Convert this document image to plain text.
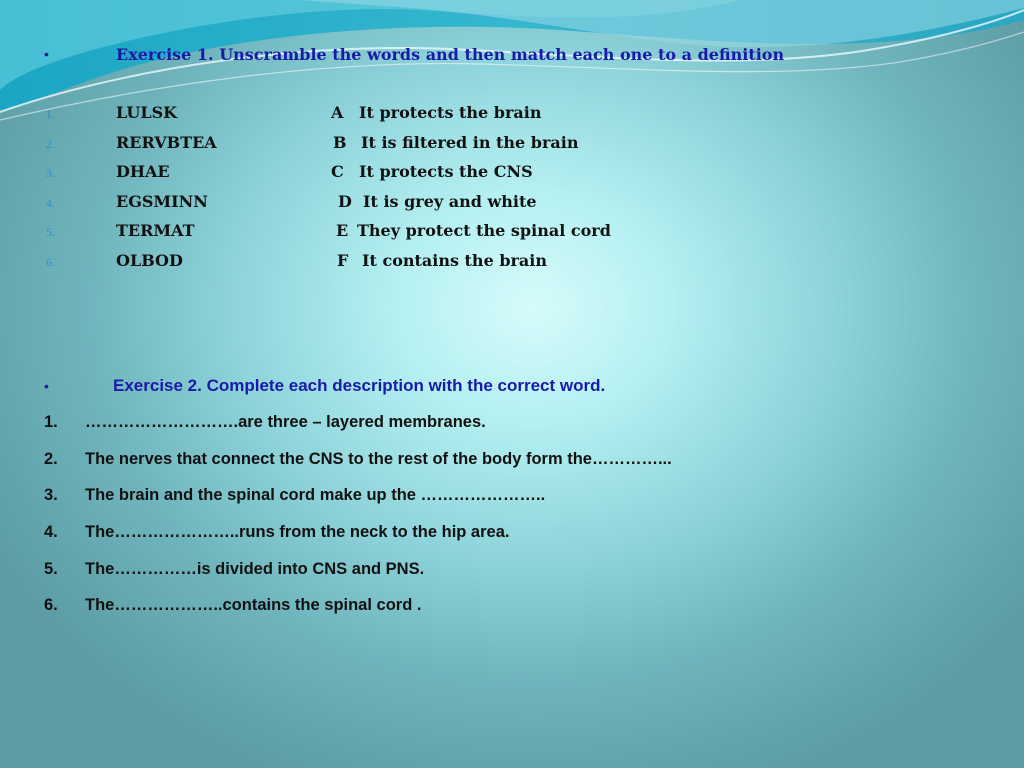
•	Exercise 1. Unscramble the words and then match each one to a definition
1.	LULSK	A It protects the brain
2.	RERVBTEA	B It is filtered in the brain
3.	DHAE	C It protects the CNS
4.	EGSMINN	D It is grey and white
5.	TERMAT	E They protect the spinal cord
6.	OLBOD	F It contains the brain
•	Exercise 2. Complete each description with the correct word.
1. ……………………….are three – layered membranes.
2. The nerves that connect the CNS to the rest of the body form the…………...
3. The brain and the spinal cord make up the …………………..
4. The…………………..runs from the neck to the hip area.
5. The……………is divided into CNS and PNS.
6. The………………..contains the spinal cord .
